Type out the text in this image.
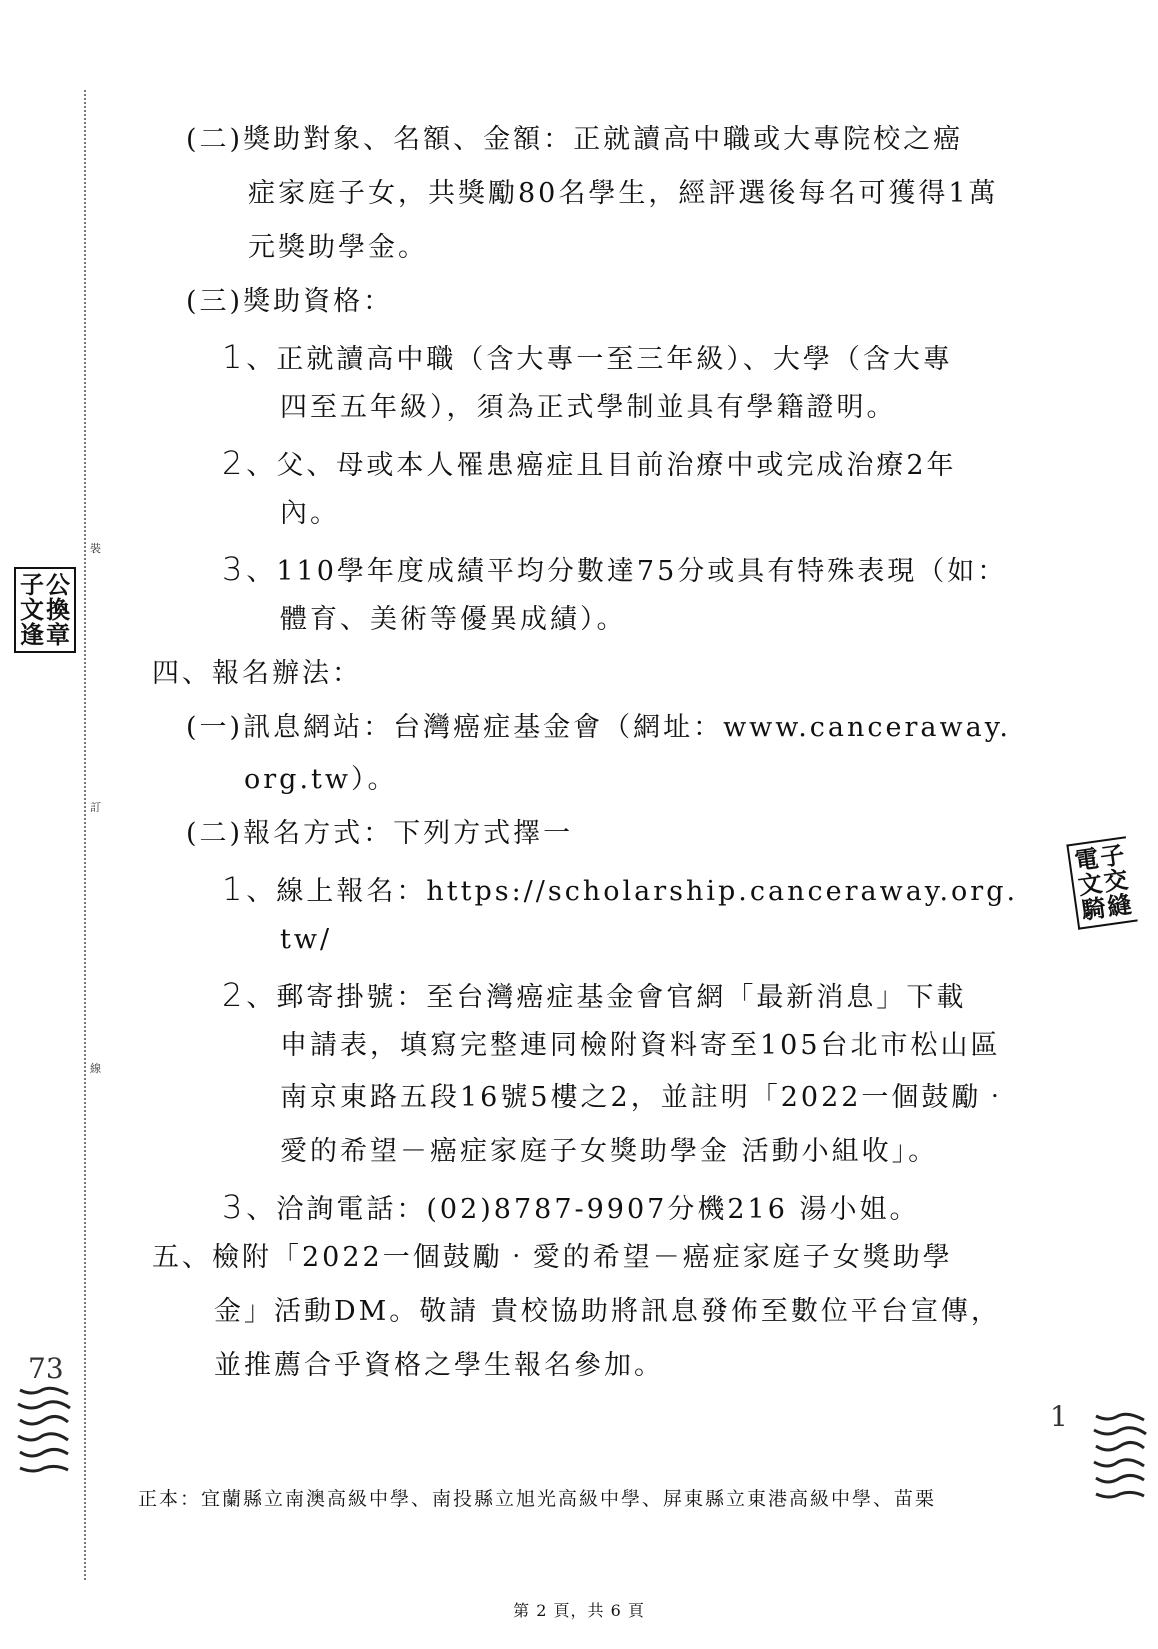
裝
訂
線
子 公
文 換
逢 章
電
子
文
交
騎
縫
73
1
(二)獎助對象、名額、金額：正就讀高中職或大專院校之癌
症家庭子女，共獎勵80名學生，經評選後每名可獲得1萬
元獎助學金。
(三)獎助資格：
1 、正就讀高中職（含大專一至三年級）、大學（含大專
四至五年級），須為正式學制並具有學籍證明。
2 、父、母或本人罹患癌症且目前治療中或完成治療2年
內。
3 、110學年度成績平均分數達75分或具有特殊表現（如：
體育、美術等優異成績）。
四、報名辦法：
(一)訊息網站：台灣癌症基金會（網址：www.canceraway.
org.tw）。
(二)報名方式：下列方式擇一
1 、線上報名：https://scholarship.canceraway.org.
tw/
2 、郵寄掛號：至台灣癌症基金會官網「最新消息」下載
申請表，填寫完整連同檢附資料寄至105台北市松山區
南京東路五段16號5樓之2，並註明「2022一個鼓勵‧
愛的希望－癌症家庭子女獎助學金 活動小組收」。
3 、洽詢電話：(02)8787-9907分機216 湯小姐。
五、檢附「2022一個鼓勵‧愛的希望－癌症家庭子女獎助學
金」活動DM。敬請 貴校協助將訊息發佈至數位平台宣傳，
並推薦合乎資格之學生報名參加。
正本：宜蘭縣立南澳高級中學、南投縣立旭光高級中學、屏東縣立東港高級中學、苗栗
第 2 頁，共 6 頁
